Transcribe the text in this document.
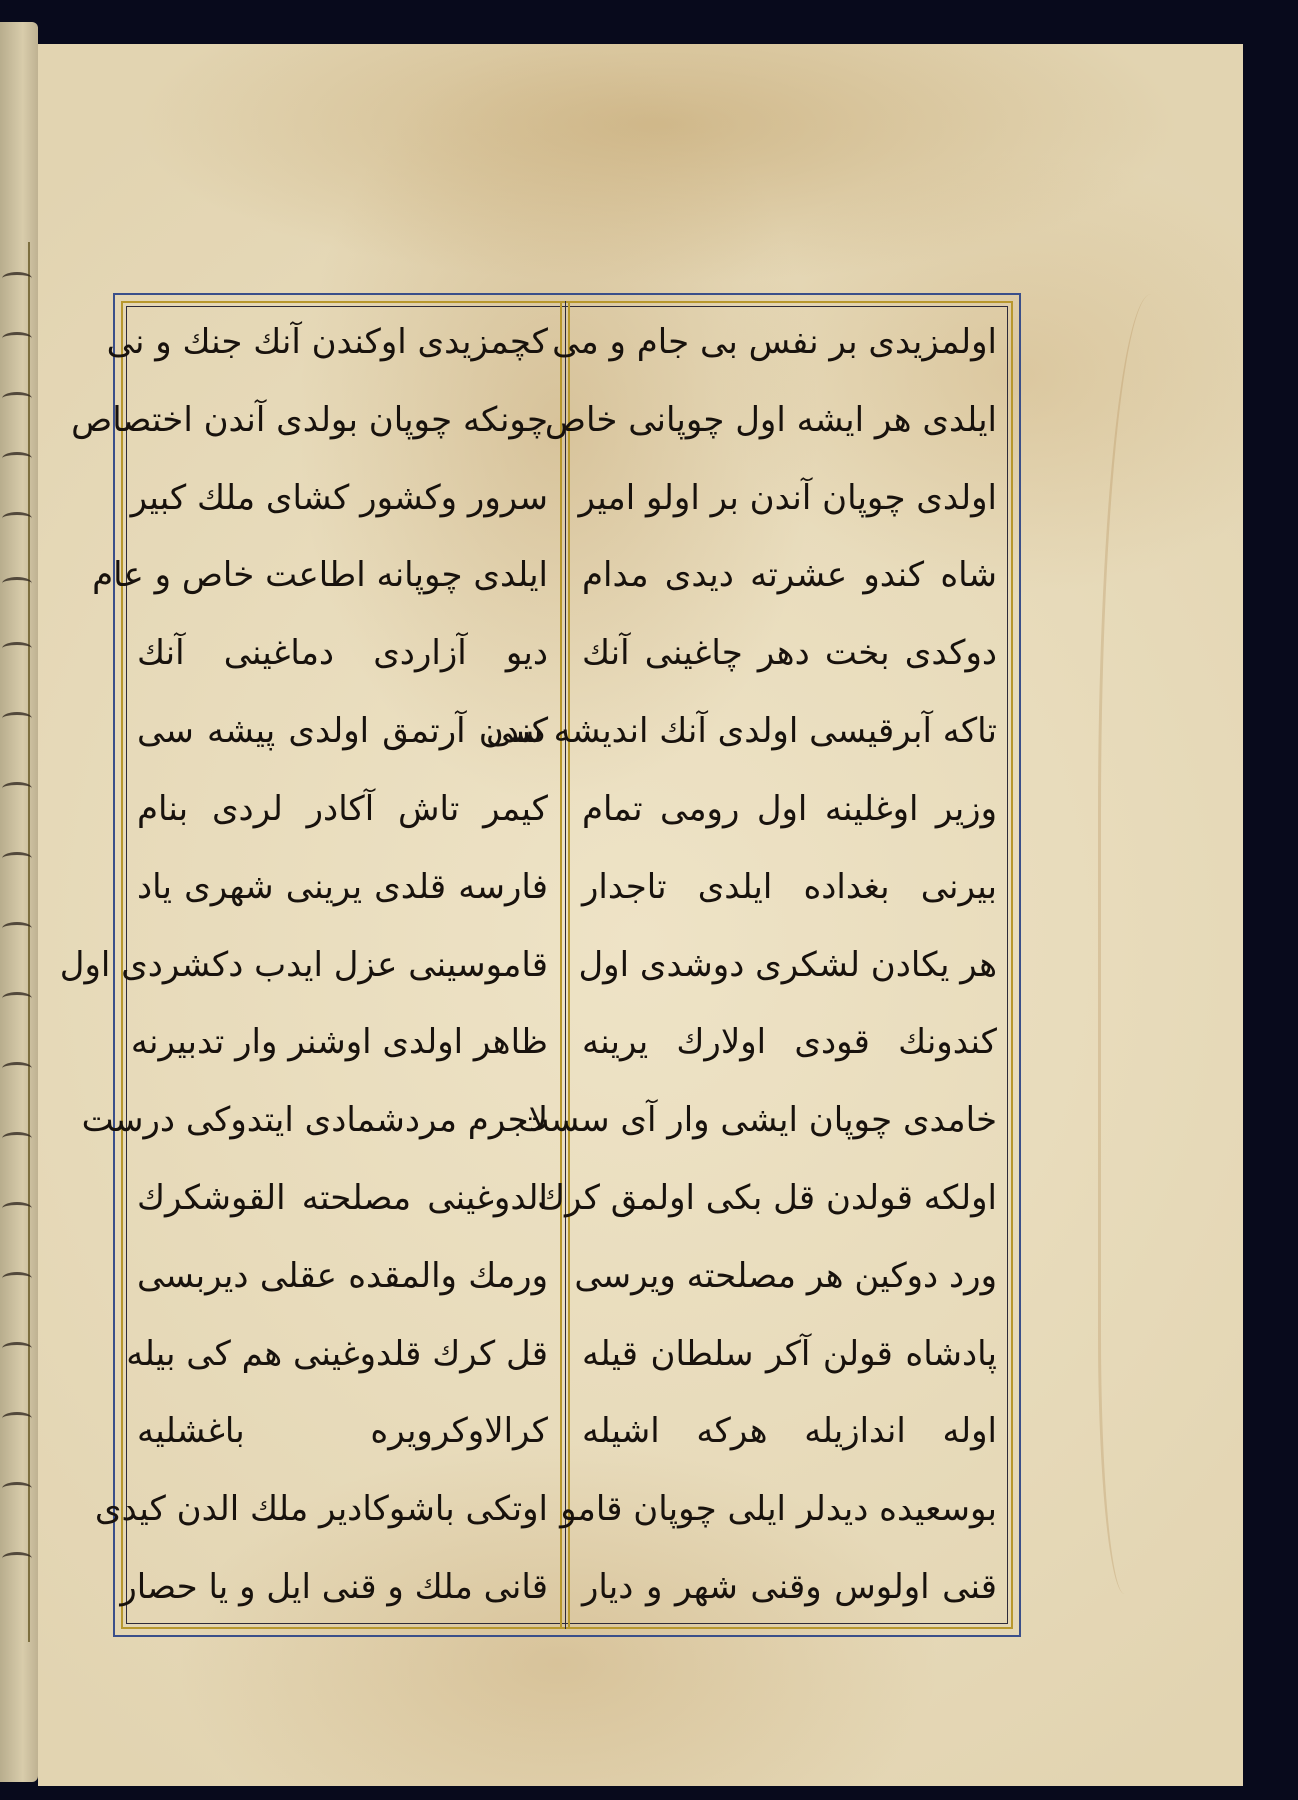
اولمزیدی بر نفس بی جام و می
ایلدی هر ایشه اول چوپانی خاص
اولدی چوپان آندن بر اولو امیر
شاه کندو عشرته دیدی مدام
دوکدی بخت دهر چاغینی آنك
تاکه آبرقیسی اولدی آنك اندیشه سی
وزیر اوغلینه اول رومی تمام
بیرنی بغداده ایلدی تاجدار
هر یکادن لشکری دوشدی اول
کندونك قودی اولارك یرینه
خامدی چوپان ایشی وار آی سست
اولکه قولدن قل بکی اولمق کرك
ورد دوکین هر مصلحته ویرسی
پادشاه قولن آکر سلطان قیله
اوله اندازیله هرکه اشیله
بوسعیده دیدلر ایلی چوپان قامو
قنی اولوس وقنی شهر و دیار
کچمزیدی اوکندن آنك جنك و نی
چونکه چوپان بولدی آندن اختصاص
سرور وکشور کشای ملك کبیر
ایلدی چوپانه اطاعت خاص و عام
دیو آزاردی دماغینی آنك
کندن آرتمق اولدی پیشه سی
کیمر تاش آکادر لردی بنام
فارسه قلدی یرینی شهری یاد
قاموسینی عزل ایدب دکشردی اول
ظاهر اولدی اوشنر وار تدبیرنه
لاجرم مردشمادی ایتدوکی درست
الدوغینی مصلحته القوشکرك
ورمك والمقده عقلی دیربسی
قل کرك قلدوغینی هم کی بیله
کرالاوکرویره باغشلیه
اوتکی باشوکادیر ملك الدن کیدی
قانی ملك و قنی ایل و یا حصار
